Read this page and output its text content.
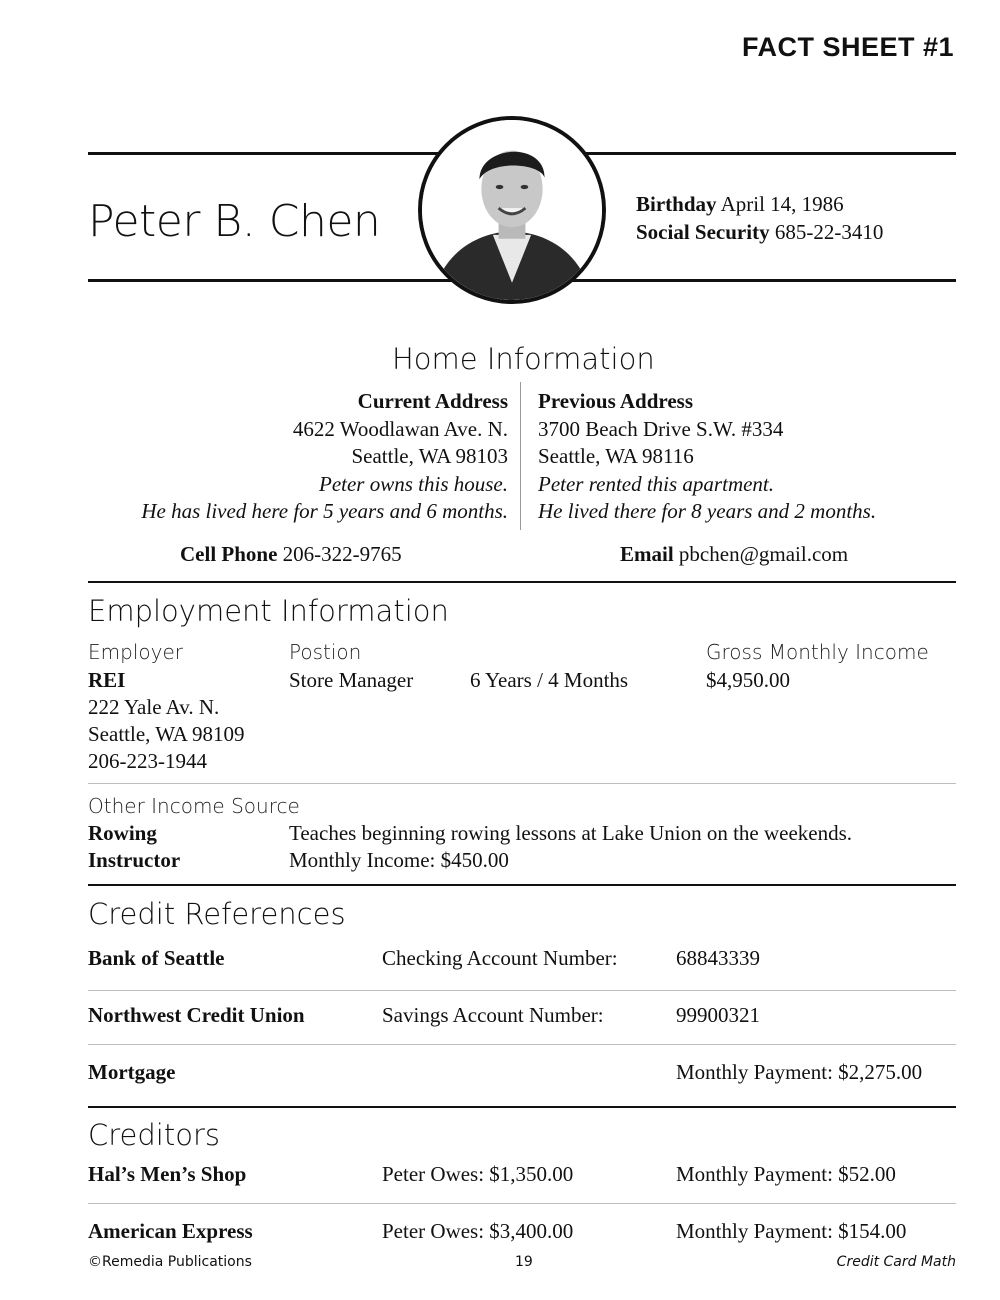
FACT SHEET #1
Peter B. Chen	Birthday April 14, 1986
Social Security 685-22-3410
Home Information
Current Address
4622 Woodlawan Ave. N.
Seattle, WA 98103
Peter owns this house.
He has lived here for 5 years and 6 months.
Previous Address
3700 Beach Drive S.W. #334
Seattle, WA 98116
Peter rented this apartment.
He lived there for 8 years and 2 months.
Cell Phone 206-322-9765	Email pbchen@gmail.com
Employment Information
Employer	Postion	Gross Monthly Income
REI
222 Yale Av. N.
Seattle, WA 98109
206-223-1944
Store Manager	6 Years / 4 Months	$4,950.00
Other Income Source
Rowing
Instructor
Teaches beginning rowing lessons at Lake Union on the weekends.
Monthly Income: $450.00
Credit References
Bank of Seattle	Checking Account Number:	68843339
Northwest Credit Union	Savings Account Number:	99900321
Mortgage	Monthly Payment: $2,275.00
Creditors
Hal’s Men’s Shop	Peter Owes: $1,350.00	Monthly Payment: $52.00
American Express	Peter Owes: $3,400.00	Monthly Payment: $154.00
©Remedia Publications	19	Credit Card Math
